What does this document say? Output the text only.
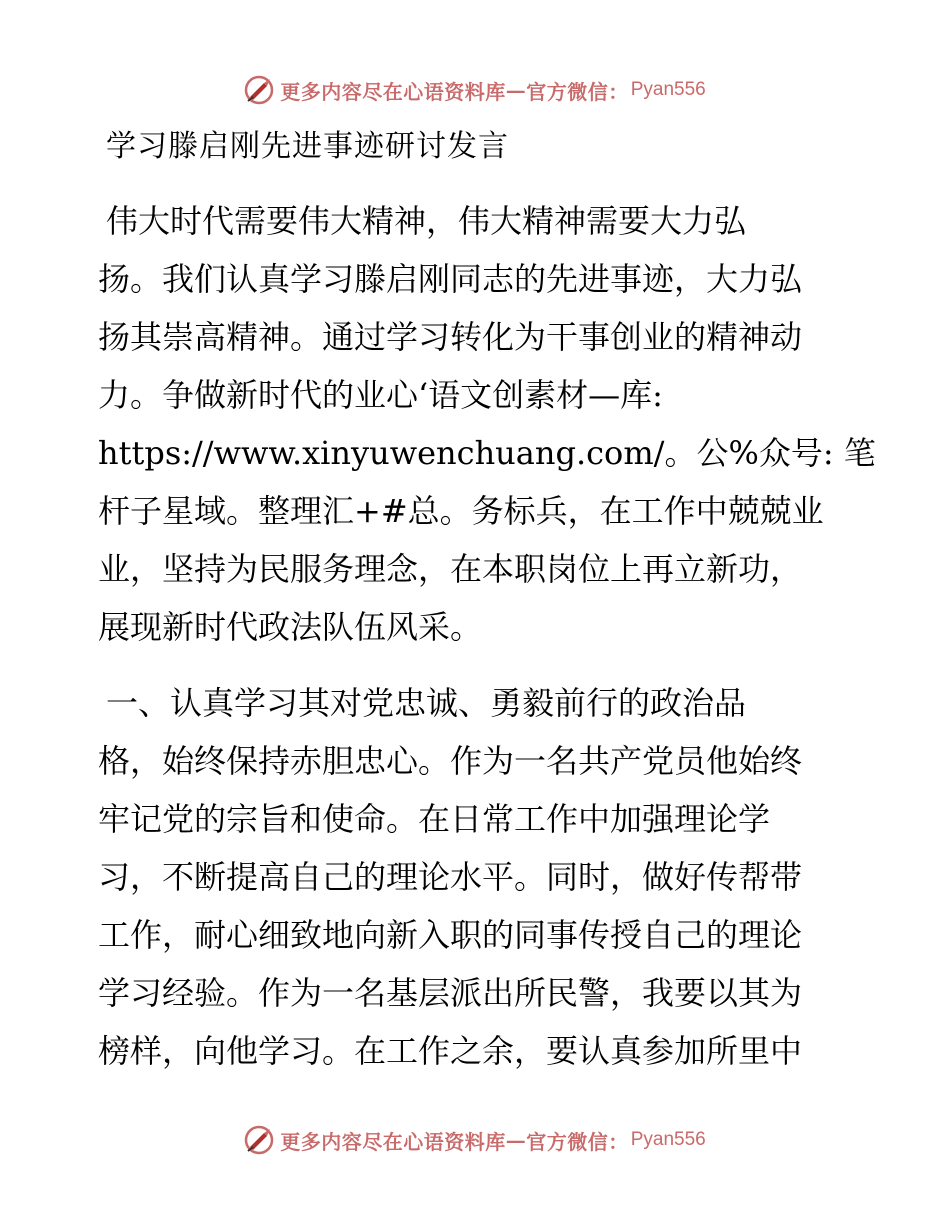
更多内容尽在心语资料库 — 官方微信： Pyan556
学习滕启刚先进事迹研讨发言
伟大时代需要伟大精神，伟大精神需要大力弘
扬。我们认真学习滕启刚同志的先进事迹，大力弘
扬其崇高精神。通过学习转化为干事创业的精神动
力。争做新时代的业心‘语文创素材—库:
https://www.xinyuwenchuang.com/。公%众号: 笔
杆子星域。整理汇+#总。务标兵，在工作中兢兢业
业，坚持为民服务理念，在本职岗位上再立新功，
展现新时代政法队伍风采。
一、认真学习其对党忠诚、勇毅前行的政治品
格，始终保持赤胆忠心。作为一名共产党员他始终
牢记党的宗旨和使命。在日常工作中加强理论学
习，不断提高自己的理论水平。同时，做好传帮带
工作，耐心细致地向新入职的同事传授自己的理论
学习经验。作为一名基层派出所民警，我要以其为
榜样，向他学习。在工作之余，要认真参加所里中
更多内容尽在心语资料库 — 官方微信： Pyan556
